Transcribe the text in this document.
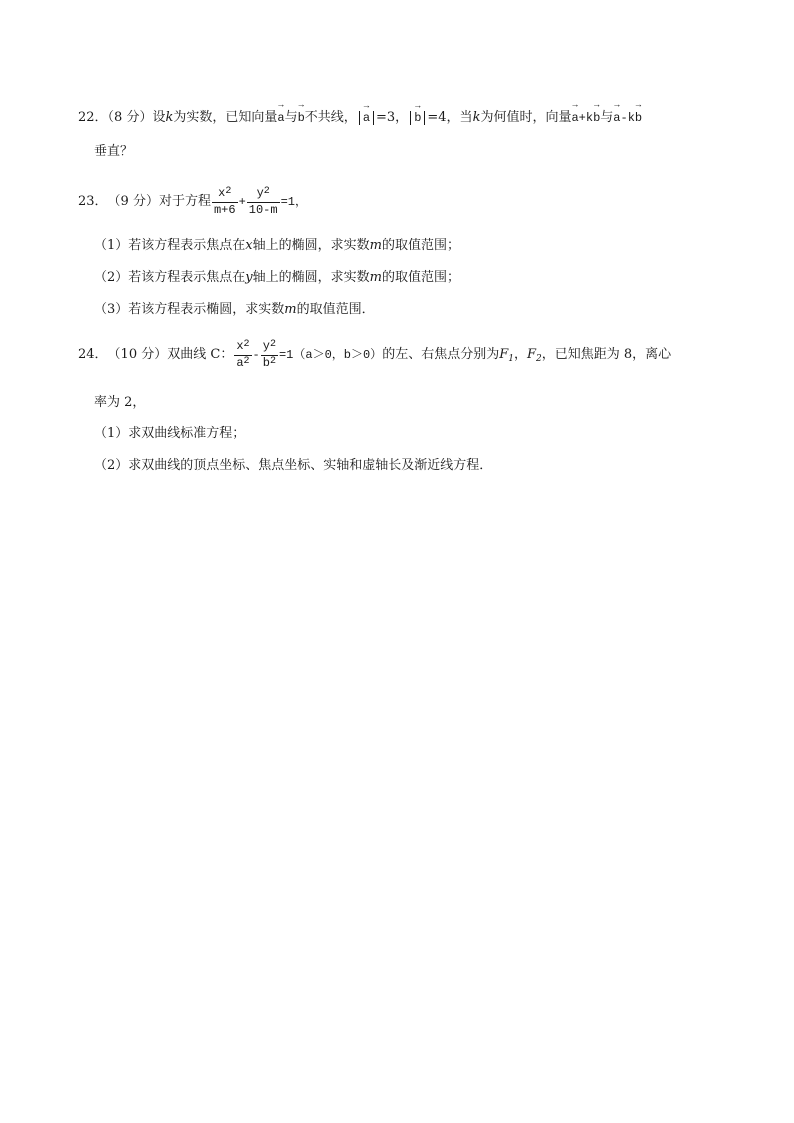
22．（8 分）设k为实数，已知向量
→
a与
→
b不共线，
→
a =3，
→
b =4，当k为何值时，向量
→
a+k
→
b与
→
a-k
→
b
垂直？
23． （9 分） 对于方程 $\frac{x^2}{m+6} + \frac{y^2}{10-m} =1$，
（1）若该方程表示焦点在x轴上的椭圆，求实数m的取值范围；
（2）若该方程表示焦点在y轴上的椭圆，求实数m的取值范围；
（3）若该方程表示椭圆，求实数m的取值范围．
24． （10 分） 双曲线 C： $\frac{x^2}{a^2} - \frac{y^2}{b^2} =1(a>0$，b＞0） 的左、右焦点分别为 $F_1$ ， $F_2$ ，已知焦距为 8，离心
率为 2，
（1）求双曲线标准方程；
（2）求双曲线的顶点坐标、焦点坐标、实轴和虚轴长及渐近线方程．
